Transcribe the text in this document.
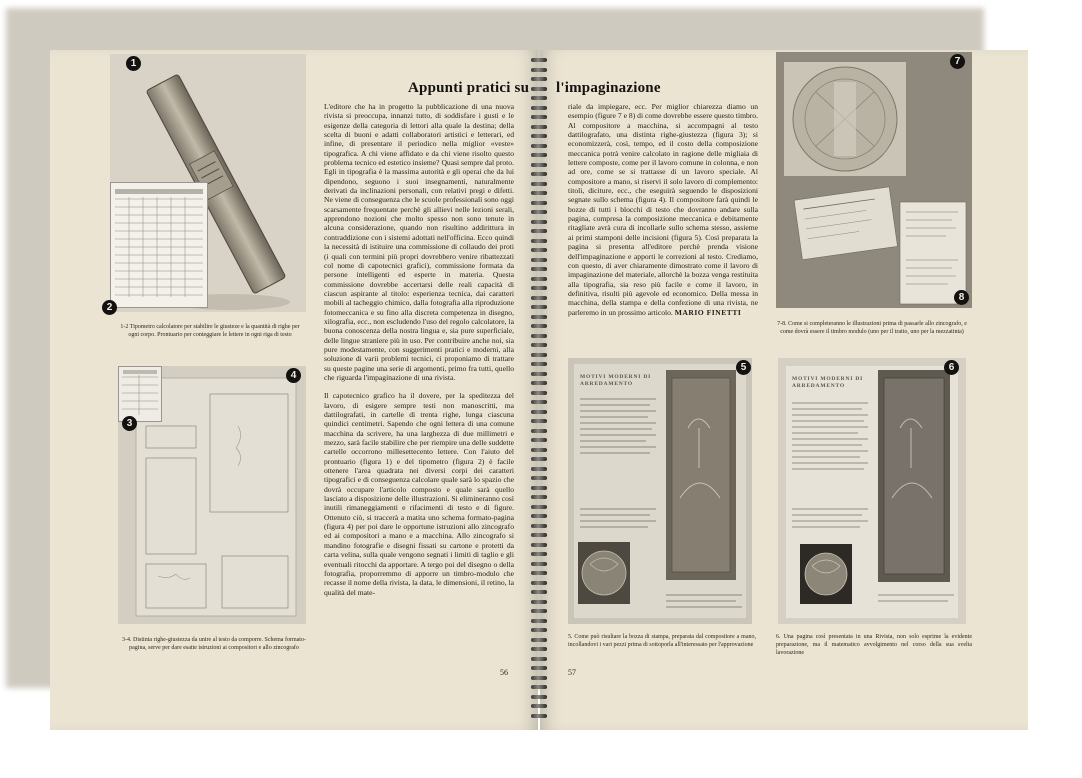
1
2
1-2 Tipometro calcolatore per stabilire le giusteze e la quantità di righe per ogni corpo. Prontuario per conteggiare le lettere in ogni riga di testo
3
4
3-4. Distinta righe-giustezza da unire al testo da comporre. Schema formato-pagina, serve per dare esatte istruzioni ai compositori e allo zincografo
Appunti pratici su

L'editore che ha in progetto la pubblicazione di una nuova rivista si preoccupa, innanzi tutto, di soddisfare i gusti e le esigenze della categoria di lettori alla quale la destina; della scelta di buoni e adatti collaboratori artistici e letterari, ed infine, di presentare il periodico nella miglior «veste» tipografica. A chi viene affidato e da chi viene risolto questo problema tecnico ed estetico insieme? Quasi sempre dal proto. Egli in tipografia è la massima autorità e gli operai che da lui dipendono, seguono i suoi insegnamenti, naturalmente derivati da inclinazioni personali, con relativi pregi e difetti. Ne viene di conseguenza che le scuole professionali sono oggi scarsamente frequentate perchè gli allievi nelle lezioni serali, apprendono nozioni che molto spesso non sono tenute in alcuna considerazione, quando non risultino addirittura in contraddizione con i sistemi adottati nell'officina. Ecco quindi la necessità di istituire una commissione di collaudo dei proti (i quali con termini più propri dovrebbero venire ribattezzati col nome di capotecnici grafici), commissione formata da persone intelligenti ed esperte in materia. Questa commissione dovrebbe accertarsi delle reali capacità di ciascun aspirante al titolo: esperienza tecnica, dai caratteri mobili al tacheggio chimico, dalla fotografia alla riproduzione fotomeccanica e su fino alla discreta competenza in disegno, xilografia, ecc., non escludendo l'uso del regolo calcolatore, la buona conoscenza della nostra lingua e, sia pure superficiale, delle lingue straniere più in uso. Per contribuire anche noi, sia pure modestamente, con suggerimenti pratici e moderni, alla soluzione di varii problemi tecnici, ci proponiamo di trattare su queste pagine una serie di argomenti, primo fra tutti, quello che riguarda l'impaginazione di una rivista.

Il capotecnico grafico ha il dovere, per la speditezza del lavoro, di esigere sempre testi non manoscritti, ma dattilografati, in cartelle di trenta righe, lunga ciascuna quindici centimetri. Sapendo che ogni lettera di una comune macchina da scrivere, ha una larghezza di due millimetri e mezzo, sarà facile stabilire che per riempire una delle suddette cartelle occorrono millesettecento lettere. Con l'aiuto del prontuario (figura 1) e del tipometro (figura 2) è facile ottenere l'area quadrata nei diversi corpi dei caratteri tipografici e di conseguenza calcolare quale sarà lo spazio che dovrà occupare l'articolo composto e quale sarà quello lasciato a disposizione delle illustrazioni. Si elimineranno così inutili rimaneggiamenti e rifacimenti di testo e di figure. Ottenuto ciò, si traccerà a matita uno schema formato-pagina (figura 4) per poi dare le opportune istruzioni allo zincografo ed ai compositori a mano e a macchina. Allo zincografo si mandino fotografie e disegni fissati su cartone e protetti da carta velina, sulla quale vengono segnati i limiti di taglio e gli eventuali ritocchi da apportare. A tergo poi del disegno o della fotografia, proporremmo di apporre un timbro-modulo che recasse il nome della rivista, la data, le dimensioni, il retino, la qualità del mate-

56
l'impaginazione

riale da impiegare, ecc. Per miglior chiarezza diamo un esempio (figure 7 e 8) di come dovrebbe essere questo timbro. Al compositore a macchina, si accompagni al testo dattilografato, una distinta righe-giustezza (figura 3); si economizzerà, così, tempo, ed il costo della composizione meccanica potrà venire calcolato in ragione delle migliaia di lettere composte, come per il lavoro comune in colonna, e non ad ore, come se si trattasse di un lavoro speciale. Al compositore a mano, si riservi il solo lavoro di complemento: titoli, diciture, ecc., che eseguirà seguendo le disposizioni segnate sullo schema (figura 4). Il compositore farà quindi le bozze di tutti i blocchi di testo che dovranno andare sulla pagina, compresa la composizione meccanica e debitamente ritagliate avrà cura di incollarle sullo schema stesso, assieme ai primi stamponi delle incisioni (figura 5). Così preparata la pagina si presenta all'editore perchè prenda visione dell'impaginazione e apporti le correzioni al testo. Crediamo, con questo, di aver chiaramente dimostrato come il lavoro di impaginazione del materiale, allorchè la bozza venga restituita alla tipografia, sia reso più facile e come il lavoro, in definitiva, risulti più agevole ed economico. Della messa in macchina, della stampa e della confezione di una rivista, ne parleremo in un prossimo articolo. MARIO FINETTI

7
8
7-8. Come si completeranno le illustrazioni prima di passarle allo zincografo, e come dovrà essere il timbro modulo (uno per il tratto, uno per la mezzatinta)
MOTIVI MODERNI DI ARREDAMENTO
5
5. Come può risultare la bozza di stampa, preparata dal compositore a mano, incollandovi i vari pezzi prima di sottoporla all'interessato per l'approvazione
MOTIVI MODERNI DI ARREDAMENTO
6
6. Una pagina così presentata in una Rivista, non solo esprime la evidente preparazione, ma il matematico avvolgimento nel corso della sua svelta lavorazione
57
